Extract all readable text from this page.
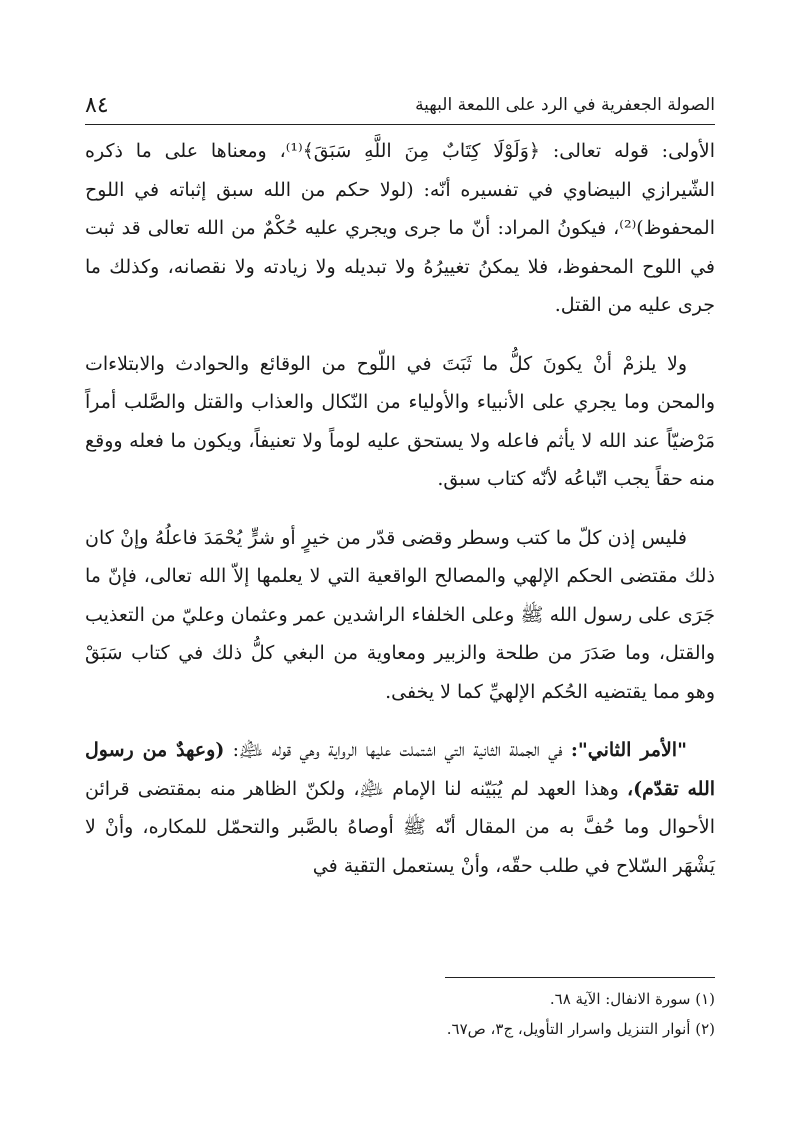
الصولة الجعفرية في الرد على اللمعة البهية
٨٤

الأولى: قوله تعالى: ﴿وَلَوْلَا كِتَابٌ مِنَ اللَّهِ سَبَقَ﴾⁽¹⁾، ومعناها على ما ذكره الشّيرازي البيضاوي في تفسيره أنّه: (لولا حكم من الله سبق إثباته في اللوح المحفوظ)⁽²⁾، فيكونُ المراد: أنّ ما جرى ويجري عليه حُكْمٌ من الله تعالى قد ثبت في اللوح المحفوظ، فلا يمكنُ تغييرُهُ ولا تبديله ولا زيادته ولا نقصانه، وكذلك ما جرى عليه من القتل.

ولا يلزمْ أنْ يكونَ كلُّ ما ثَبَتَ في اللّوح من الوقائع والحوادث والابتلاءات والمحن وما يجري على الأنبياء والأولياء من النّكال والعذاب والقتل والصَّلب أمراً مَرْضيّاً عند الله لا يأثم فاعله ولا يستحق عليه لوماً ولا تعنيفاً، ويكون ما فعله ووقع منه حقاً يجب اتّباعُه لأنّه كتاب سبق.

فليس إذن كلّ ما كتب وسطر وقضى قدّر من خيرٍ أو شرٍّ يُحْمَدَ فاعلُهُ وإنْ كان ذلك مقتضى الحكم الإلهي والمصالح الواقعية التي لا يعلمها إلاّ الله تعالى، فإنّ ما جَرَى على رسول الله ﷺ وعلى الخلفاء الراشدين عمر وعثمان وعليّ من التعذيب والقتل، وما صَدَرَ من طلحة والزبير ومعاوية من البغي كلُّ ذلك في كتاب سَبَقْ وهو مما يقتضيه الحُكم الإلهيِّ كما لا يخفى.

"الأمر الثاني": في الجملة الثانية التي اشتملت عليها الرواية وهي قوله ﵇: (وعهدٌ من رسول الله تقدّم)، وهذا العهد لم يُبَيّنه لنا الإمام ﵇، ولكنّ الظاهر منه بمقتضى قرائن الأحوال وما حُفَّ به من المقال أنّه ﷺ أوصاهُ بالصَّبر والتحمّل للمكاره، وأنْ لا يَشْهَر السّلاح في طلب حقّه، وأنْ يستعمل التقية في

(١) سورة الانفال: الآية ٦٨.
(٢) أنوار التنزيل واسرار التأويل، ج٣، ص٦٧.
